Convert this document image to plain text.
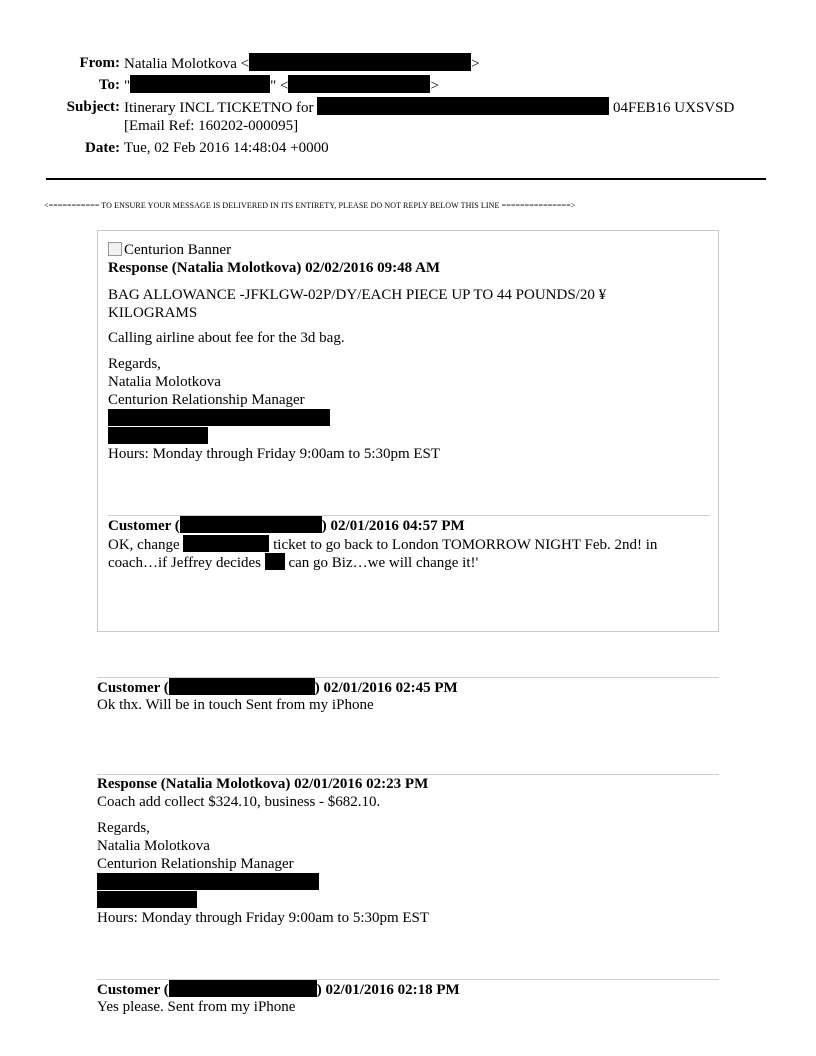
From: Natalia Molotkova <	>
To: "	" <	>
Subject: Itinerary INCL TICKETNO for	04FEB16 UXSVSD
[Email Ref: 160202-000095]
Date: Tue, 02 Feb 2016 14:48:04 +0000
<=========== TO ENSURE YOUR MESSAGE IS DELIVERED IN ITS ENTIRETY, PLEASE DO NOT REPLY BELOW THIS LINE ===============>
Centurion Banner
Response (Natalia Molotkova) 02/02/2016 09:48 AM
BAG ALLOWANCE -JFKLGW-02P/DY/EACH PIECE UP TO 44 POUNDS/20 ¥
KILOGRAMS
Calling airline about fee for the 3d bag.
Regards,
Natalia Molotkova
Centurion Relationship Manager
Hours: Monday through Friday 9:00am to 5:30pm EST
Customer (	) 02/01/2016 04:57 PM
OK, change	ticket to go back to London TOMORROW NIGHT Feb. 2nd! in
coach…if Jeffrey decides can go Biz…we will change it!'
Customer (	) 02/01/2016 02:45 PM
Ok thx. Will be in touch Sent from my iPhone
Response (Natalia Molotkova) 02/01/2016 02:23 PM
Coach add collect $324.10, business - $682.10.
Regards,
Natalia Molotkova
Centurion Relationship Manager
Hours: Monday through Friday 9:00am to 5:30pm EST
Customer (	) 02/01/2016 02:18 PM
Yes please. Sent from my iPhone
